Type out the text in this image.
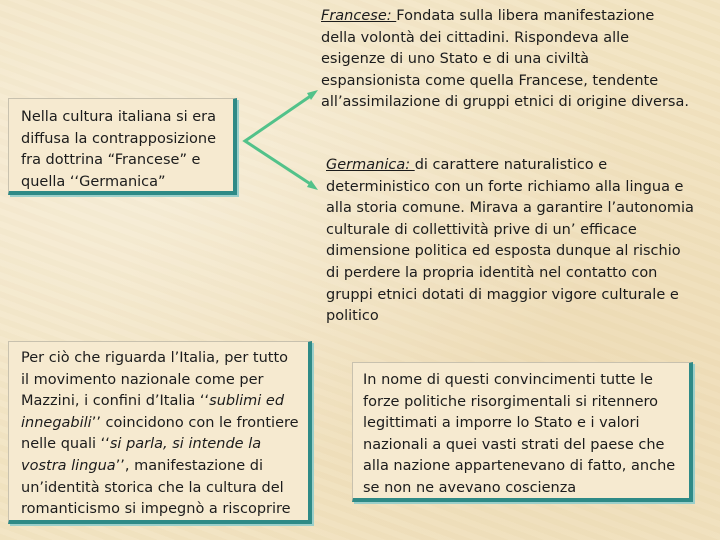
Nella cultura italiana si era diffusa la contrapposizione fra dottrina “Francese” e quella ‘‘Germanica”
Francese: Fondata sulla libera manifestazione della volontà dei cittadini. Rispondeva alle esigenze di uno Stato e di una civiltà espansionista come quella Francese, tendente all’assimilazione di gruppi etnici di origine diversa.
Germanica: di carattere naturalistico e deterministico con un forte richiamo alla lingua e alla storia comune. Mirava a garantire l’autonomia culturale di collettività prive di un’ efficace dimensione politica ed esposta dunque al rischio di perdere la propria identità nel contatto con gruppi etnici dotati di maggior vigore culturale e politico
Per ciò che riguarda l’Italia, per tutto il movimento nazionale come per Mazzini, i confini d’Italia ‘‘sublimi ed innegabili’’ coincidono con le frontiere nelle quali ‘‘si parla, si intende la vostra lingua’’, manifestazione di un’identità storica che la cultura del romanticismo si impegnò a riscoprire
In nome di questi convincimenti tutte le forze politiche risorgimentali si ritennero legittimati a imporre lo Stato e i valori nazionali a quei vasti strati del paese che alla nazione appartenevano di fatto, anche se non ne avevano coscienza
